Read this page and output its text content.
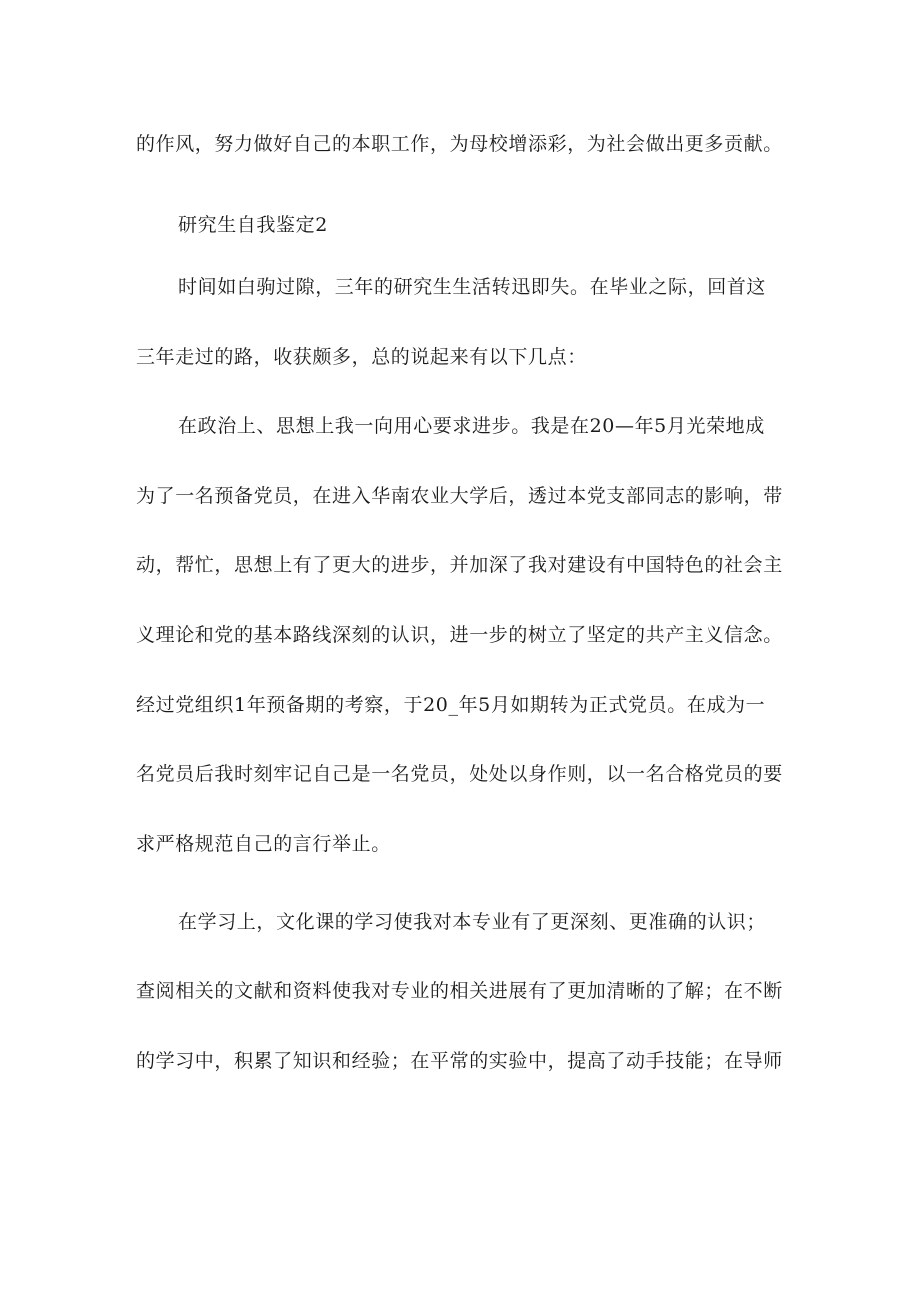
的作风，努力做好自己的本职工作，为母校增添彩，为社会做出更多贡献。
研究生自我鉴定2
时间如白驹过隙，三年的研究生生活转迅即失。在毕业之际，回首这
三年走过的路，收获颇多，总的说起来有以下几点：
在政治上、思想上我一向用心要求进步。我是在20—年5月光荣地成
为了一名预备党员，在进入华南农业大学后，透过本党支部同志的影响，带
动，帮忙，思想上有了更大的进步，并加深了我对建设有中国特色的社会主
义理论和党的基本路线深刻的认识，进一步的树立了坚定的共产主义信念。
经过党组织1年预备期的考察，于20_年5月如期转为正式党员。在成为一
名党员后我时刻牢记自己是一名党员，处处以身作则，以一名合格党员的要
求严格规范自己的言行举止。
在学习上，文化课的学习使我对本专业有了更深刻、更准确的认识；
查阅相关的文献和资料使我对专业的相关进展有了更加清晰的了解；在不断
的学习中，积累了知识和经验；在平常的实验中，提高了动手技能；在导师
